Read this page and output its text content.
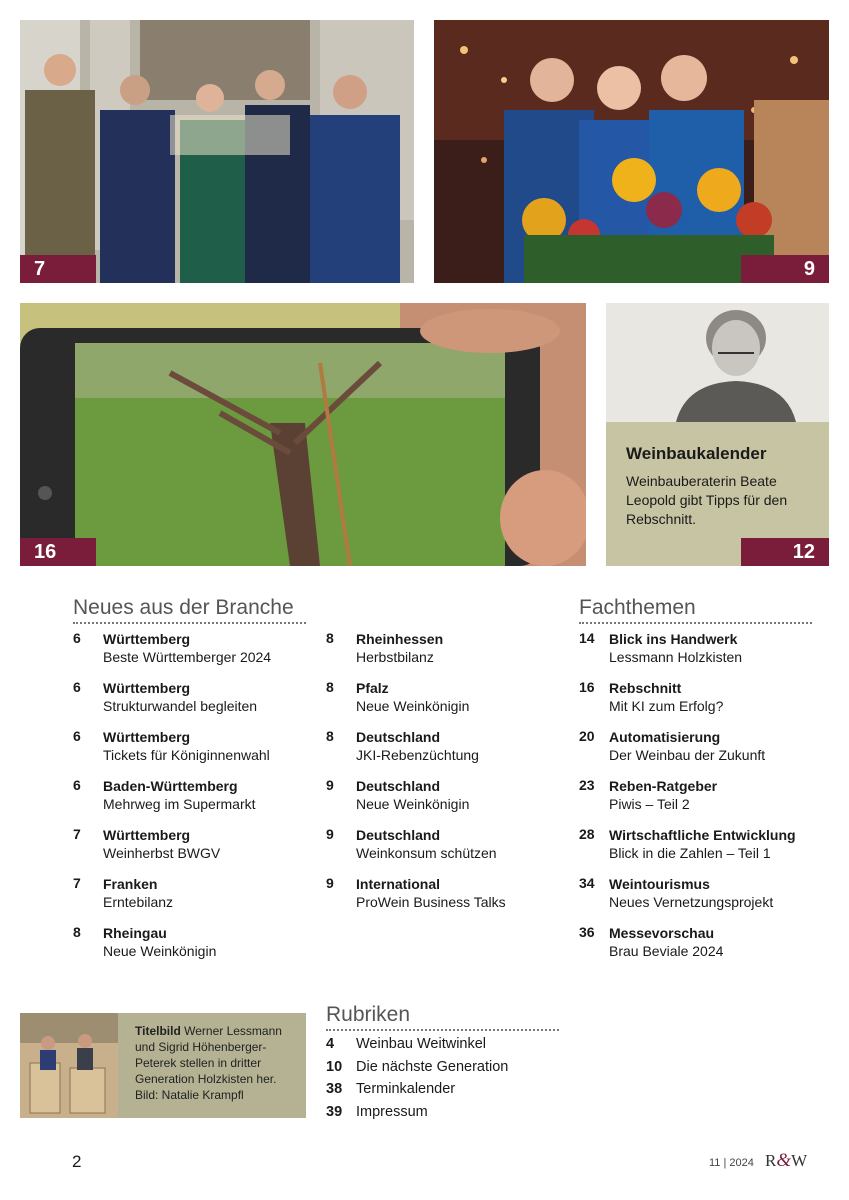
7	9
16
Weinbaukalender
Weinbauberaterin Beate Leopold gibt Tipps für den Rebschnitt.
12
Neues aus der Branche
6	Württemberg
Beste Württemberger 2024
6	Württemberg
Strukturwandel begleiten
6	Württemberg
Tickets für Königinnenwahl
6	Baden-Württemberg
Mehrweg im Supermarkt
7	Württemberg
Weinherbst BWGV
7	Franken
Erntebilanz
8	Rheingau
Neue Weinkönigin
8	Rheinhessen
Herbstbilanz
8	Pfalz
Neue Weinkönigin
8	Deutschland
JKI-Rebenzüchtung
9	Deutschland
Neue Weinkönigin
9	Deutschland
Weinkonsum schützen
9	International
ProWein Business Talks
Fachthemen
14	Blick ins Handwerk
Lessmann Holzkisten
16	Rebschnitt
Mit KI zum Erfolg?
20	Automatisierung
Der Weinbau der Zukunft
23	Reben-Ratgeber
Piwis – Teil 2
28	Wirtschaftliche Entwicklung
Blick in die Zahlen – Teil 1
34	Weintourismus
Neues Vernetzungsprojekt
36	Messevorschau
Brau Beviale 2024
Titelbild Werner Lessmann und Sigrid Höhenberger-Peterek stellen in dritter Generation Holzkisten her. Bild: Natalie Krampfl
Rubriken
4	Weinbau Weitwinkel
10 Die nächste Generation
38 Terminkalender
39 Impressum
2	11 | 2024 R&W
